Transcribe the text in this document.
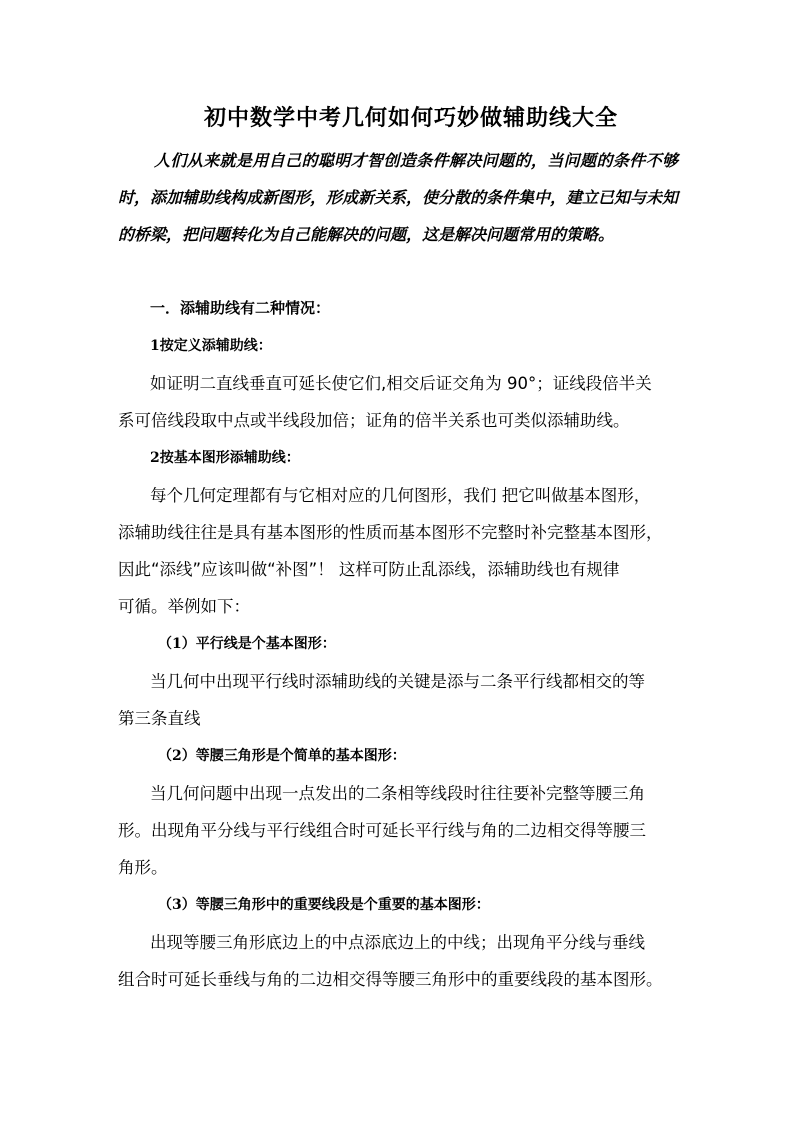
初中数学中考几何如何巧妙做辅助线大全

人们从来就是用自己的聪明才智创造条件解决问题的，当问题的条件不够时，添加辅助线构成新图形，形成新关系，使分散的条件集中，建立已知与未知的桥梁，把问题转化为自己能解决的问题，这是解决问题常用的策略。

一．添辅助线有二种情况：

1按定义添辅助线：

如证明二直线垂直可延长使它们,相交后证交角为 90°；证线段倍半关

系可倍线段取中点或半线段加倍；证角的倍半关系也可类似添辅助线。

2按基本图形添辅助线：

每个几何定理都有与它相对应的几何图形，我们 把它叫做基本图形，

添辅助线往往是具有基本图形的性质而基本图形不完整时补完整基本图形，

因此“添线”应该叫做“补图”！ 这样可防止乱添线，添辅助线也有规律

可循。举例如下：

（1）平行线是个基本图形：

当几何中出现平行线时添辅助线的关键是添与二条平行线都相交的等

第三条直线

（2）等腰三角形是个简单的基本图形：

当几何问题中出现一点发出的二条相等线段时往往要补完整等腰三角

形。出现角平分线与平行线组合时可延长平行线与角的二边相交得等腰三

角形。

（3）等腰三角形中的重要线段是个重要的基本图形：

出现等腰三角形底边上的中点添底边上的中线；出现角平分线与垂线

组合时可延长垂线与角的二边相交得等腰三角形中的重要线段的基本图形。
